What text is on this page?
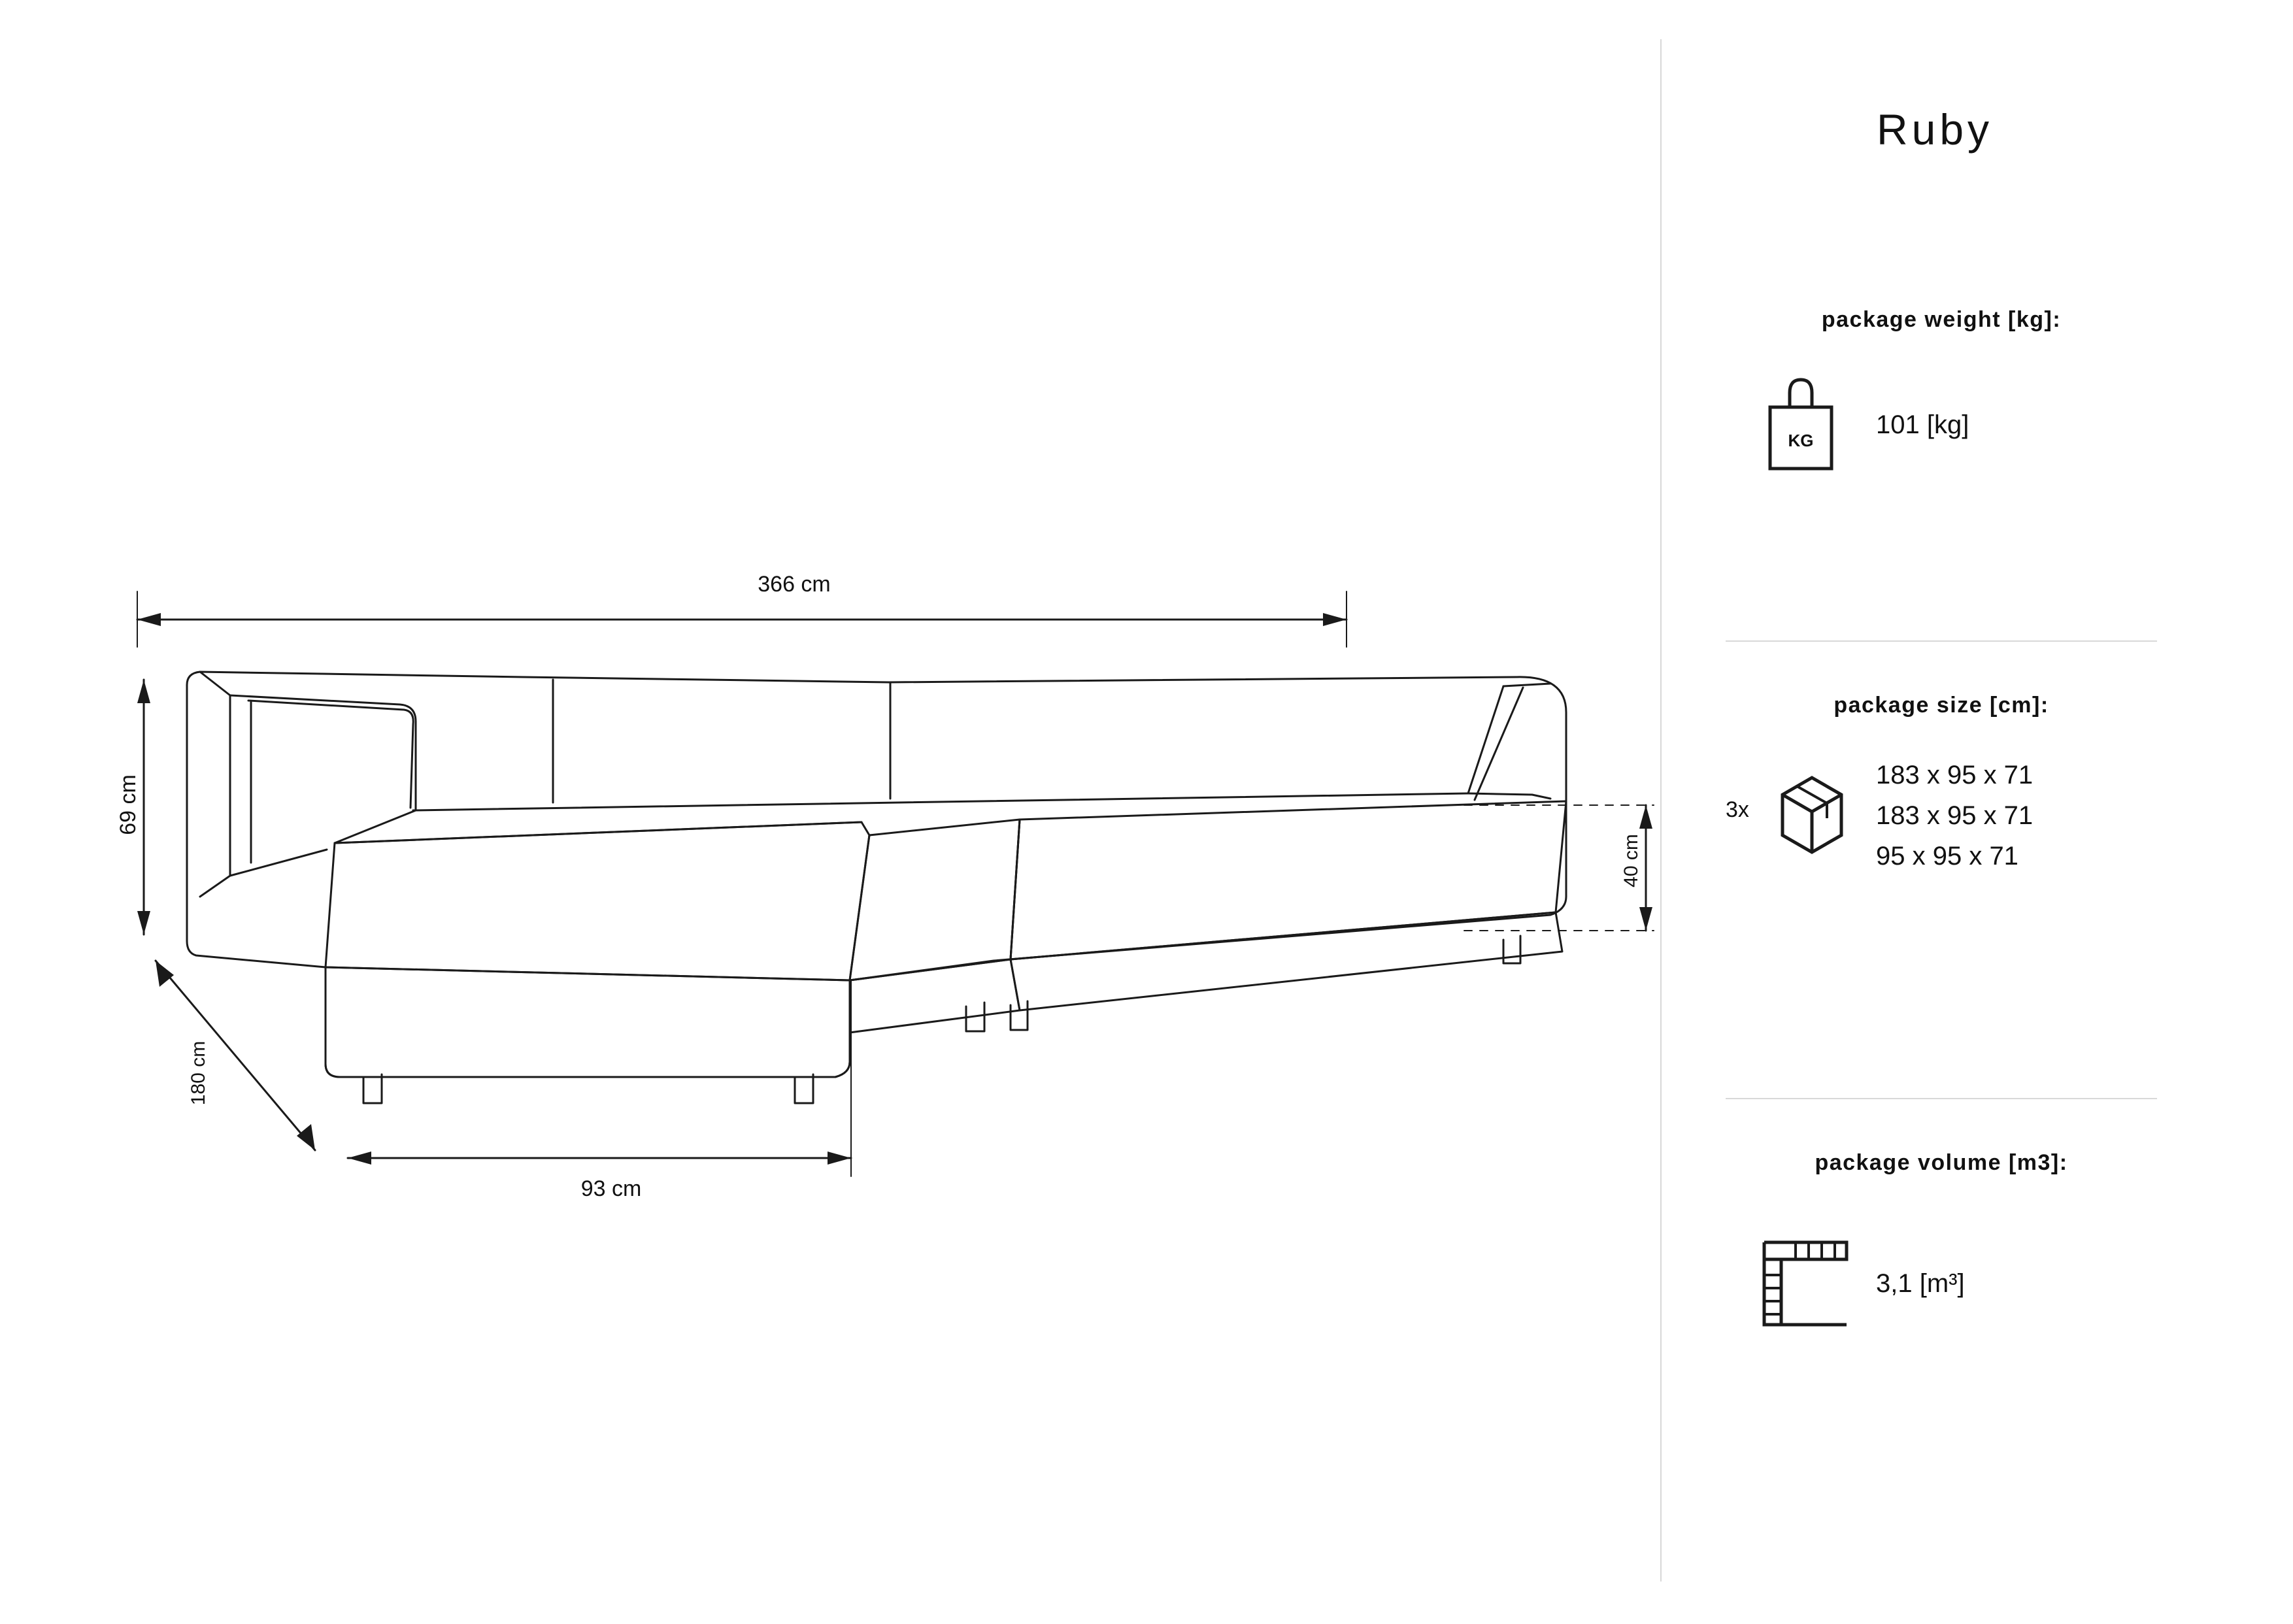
366 cm
69 cm
180 cm
93 cm
40 cm
Ruby
package weight [kg]:
KG
101 [kg]
package size [cm]:
3x
183 x 95 x 71
183 x 95 x 71
95 x 95 x 71
package volume [m3]:
3,1 [m³]
